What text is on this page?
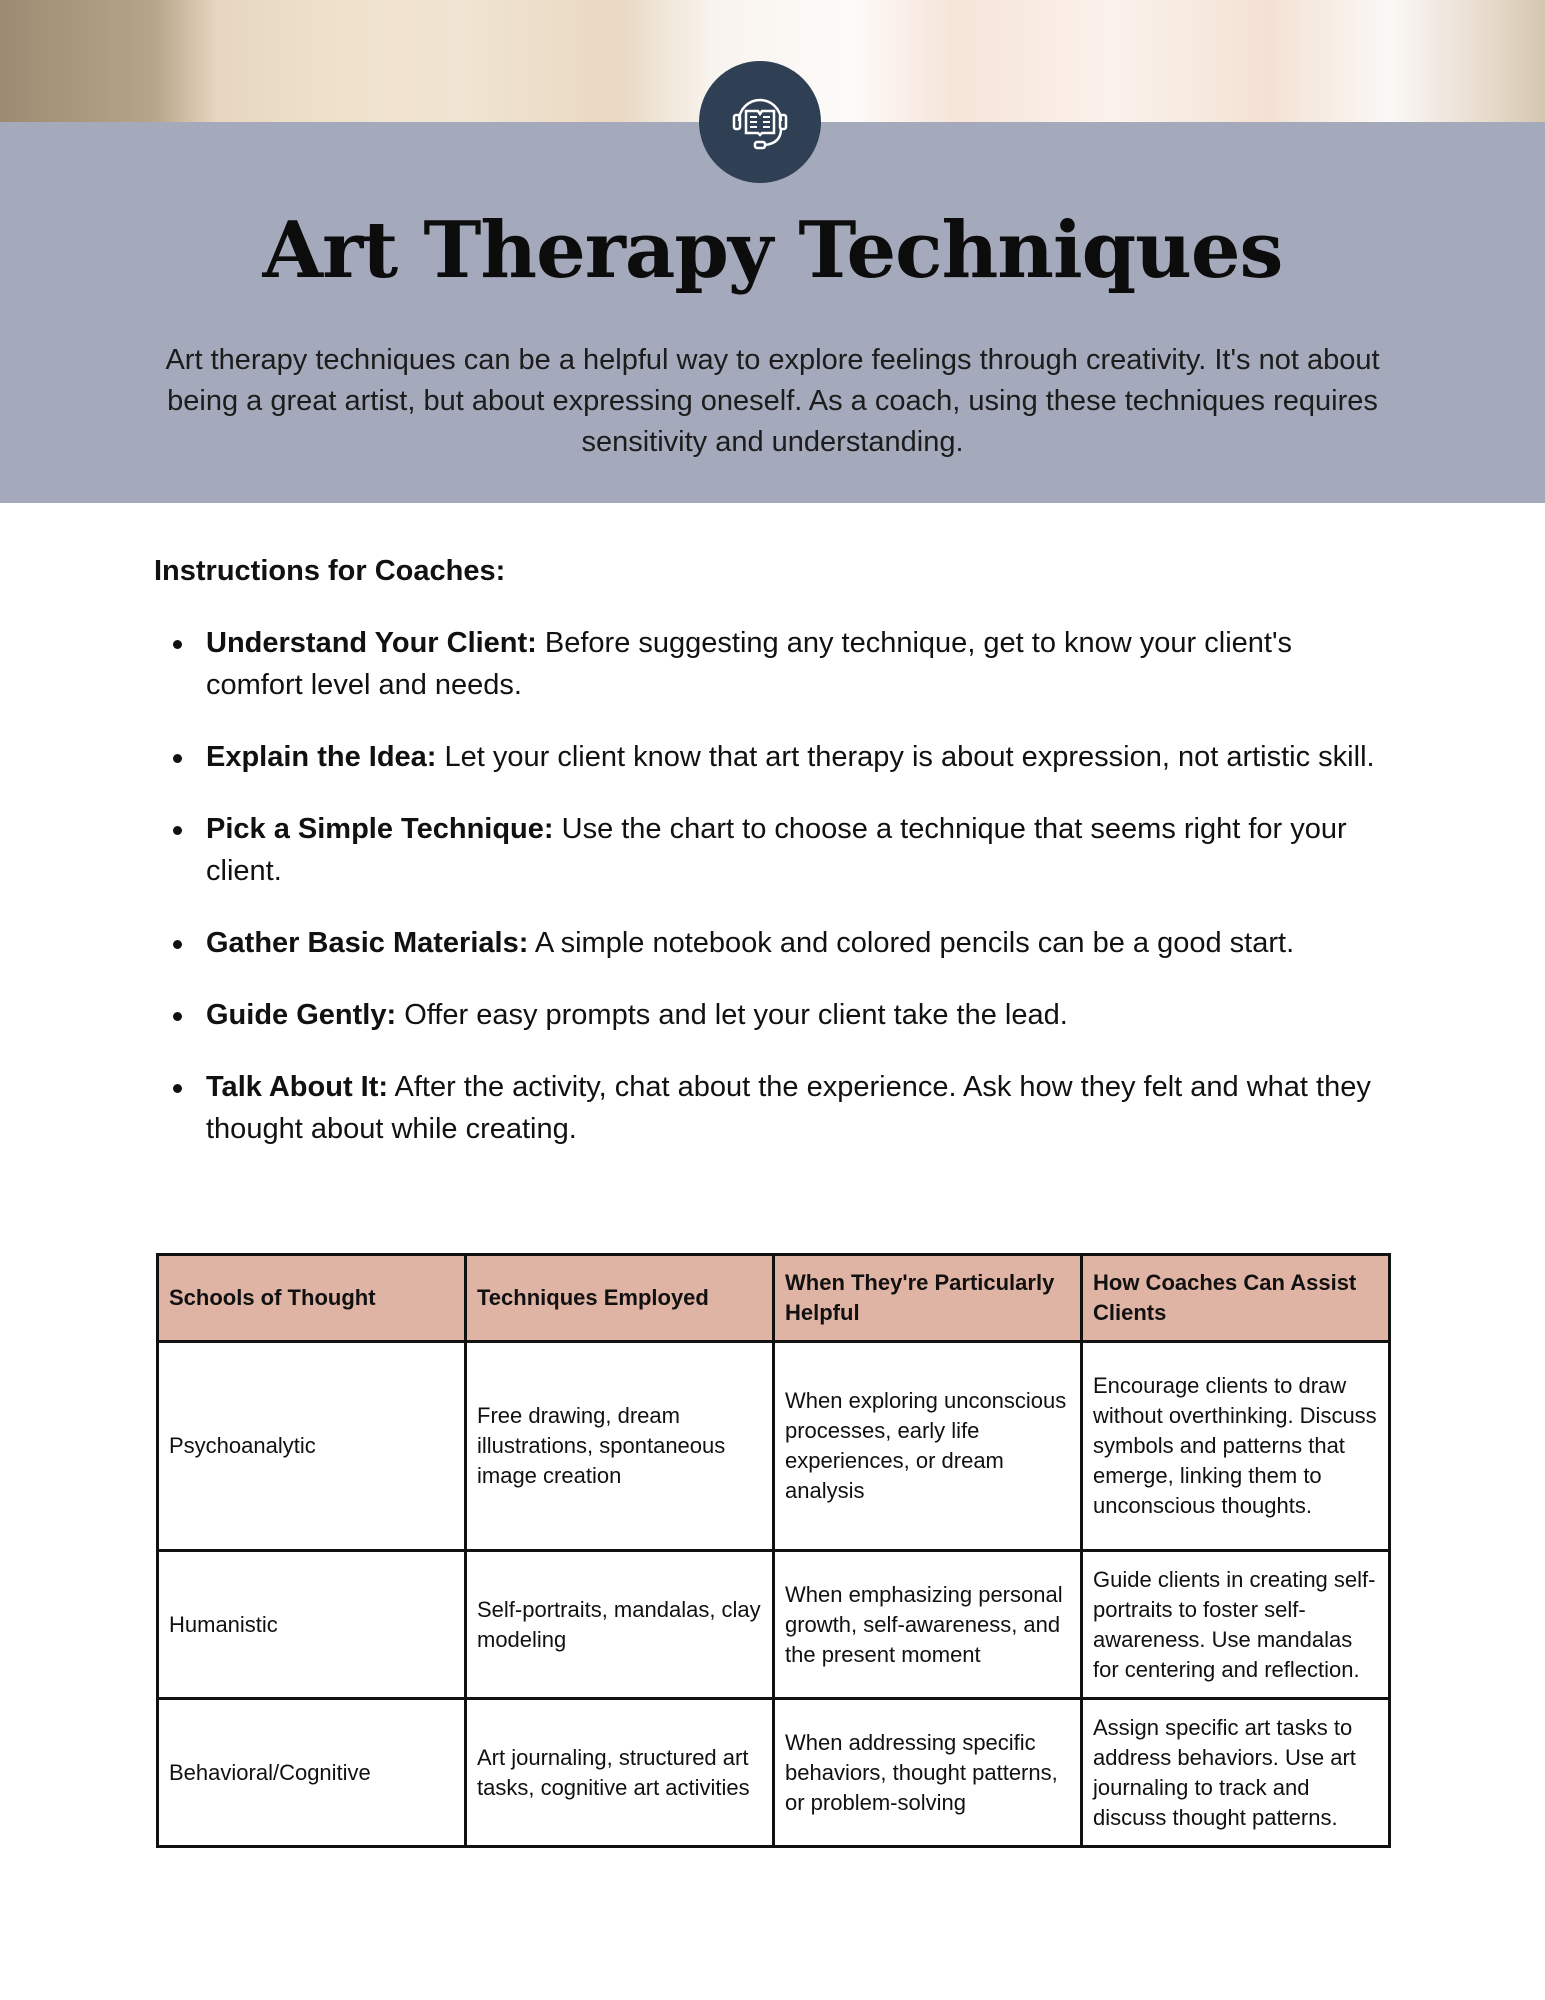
Art Therapy Techniques

Art therapy techniques can be a helpful way to explore feelings through creativity. It's not about being a great artist, but about expressing oneself. As a coach, using these techniques requires sensitivity and understanding.

Instructions for Coaches:
Understand Your Client: Before suggesting any technique, get to know your client's comfort level and needs.
Explain the Idea: Let your client know that art therapy is about expression, not artistic skill.
Pick a Simple Technique: Use the chart to choose a technique that seems right for your client.
Gather Basic Materials: A simple notebook and colored pencils can be a good start.
Guide Gently: Offer easy prompts and let your client take the lead.
Talk About It: After the activity, chat about the experience. Ask how they felt and what they thought about while creating.
Schools of Thought	Techniques Employed	When They're Particularly Helpful	How Coaches Can Assist Clients
Psychoanalytic	Free drawing, dream illustrations, spontaneous image creation	When exploring unconscious processes, early life experiences, or dream analysis	Encourage clients to draw without overthinking. Discuss symbols and patterns that emerge, linking them to unconscious thoughts.
Humanistic	Self-portraits, mandalas, clay modeling	When emphasizing personal growth, self-awareness, and the present moment	Guide clients in creating self-portraits to foster self-awareness. Use mandalas for centering and reflection.
Behavioral/Cognitive	Art journaling, structured art tasks, cognitive art activities	When addressing specific behaviors, thought patterns, or problem-solving	Assign specific art tasks to address behaviors. Use art journaling to track and discuss thought patterns.
